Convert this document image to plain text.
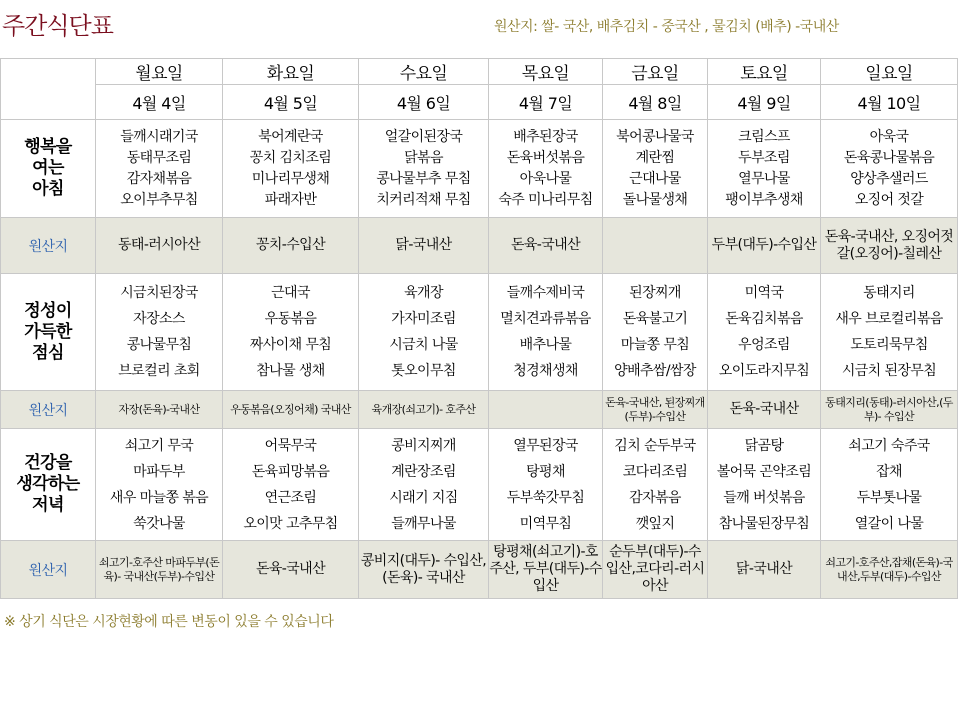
주간식단표	원산지: 쌀- 국산, 배추김치 - 중국산 , 물김치 (배추) -국내산
	월요일	화요일	수요일	목요일	금요일	토요일	일요일
	4월 4일	4월 5일	4월 6일	4월 7일	4월 8일	4월 9일	4월 10일

행복을
여는
아침	들깨시래기국
동태무조림
감자채볶음
오이부추무침	북어계란국
꽁치 김치조림
미나리무생채
파래자반	얼갈이된장국
닭볶음
콩나물부추 무침
치커리적채 무침	배추된장국
돈육버섯볶음
아욱나물
숙주 미나리무침	북어콩나물국
계란찜
근대나물
돌나물생채	크림스프
두부조림
열무나물
팽이부추생채	아욱국
돈육콩나물볶음
양상추샐러드
오징어 젓갈

원산지	동태-러시아산	꽁치-수입산	닭-국내산	돈육-국내산		두부(대두)-수입산	돈육-국내산, 오징어젓갈(오징어)-칠레산

정성이
가득한
점심	시금치된장국
자장소스
콩나물무침
브로컬리 초회	근대국
우동볶음
짜사이채 무침
참나물 생채	육개장
가자미조림
시금치 나물
톳오이무침	들깨수제비국
멸치견과류볶음
배추나물
청경채생채	된장찌개
돈육불고기
마늘쫑 무침
양배추쌈/쌈장	미역국
돈육김치볶음
우엉조림
오이도라지무침	동태지리
새우 브로컬리볶음
도토리묵무침
시금치 된장무침

원산지	자장(돈육)-국내산	우동볶음(오징어채) 국내산	육개장(쇠고기)- 호주산		돈육-국내산, 된장찌개(두부)-수입산	돈육-국내산	동태지리(동태)-러시아산,(두부)- 수입산

건강을
생각하는
저녁	쇠고기 무국
마파두부
새우 마늘쫑 볶음
쑥갓나물	어묵무국
돈육피망볶음
연근조림
오이맛 고추무침	콩비지찌개
계란장조림
시래기 지짐
들깨무나물	열무된장국
탕평채
두부쑥갓무침
미역무침	김치 순두부국
코다리조림
감자볶음
깻잎지	닭곰탕
볼어묵 곤약조림
들깨 버섯볶음
참나물된장무침	쇠고기 숙주국
잡채
두부톳나물
열갈이 나물

원산지	쇠고기-호주산 마파두부(돈육)- 국내산(두부)-수입산	돈육-국내산	콩비지(대두)- 수입산, (돈육)- 국내산	탕평채(쇠고기)-호주산, 두부(대두)-수입산	순두부(대두)-수입산,코다리-러시아산	닭-국내산	쇠고기-호주산,잡채(돈육)-국내산,두부(대두)-수입산
※ 상기 식단은 시장현황에 따른 변동이 있을 수 있습니다
